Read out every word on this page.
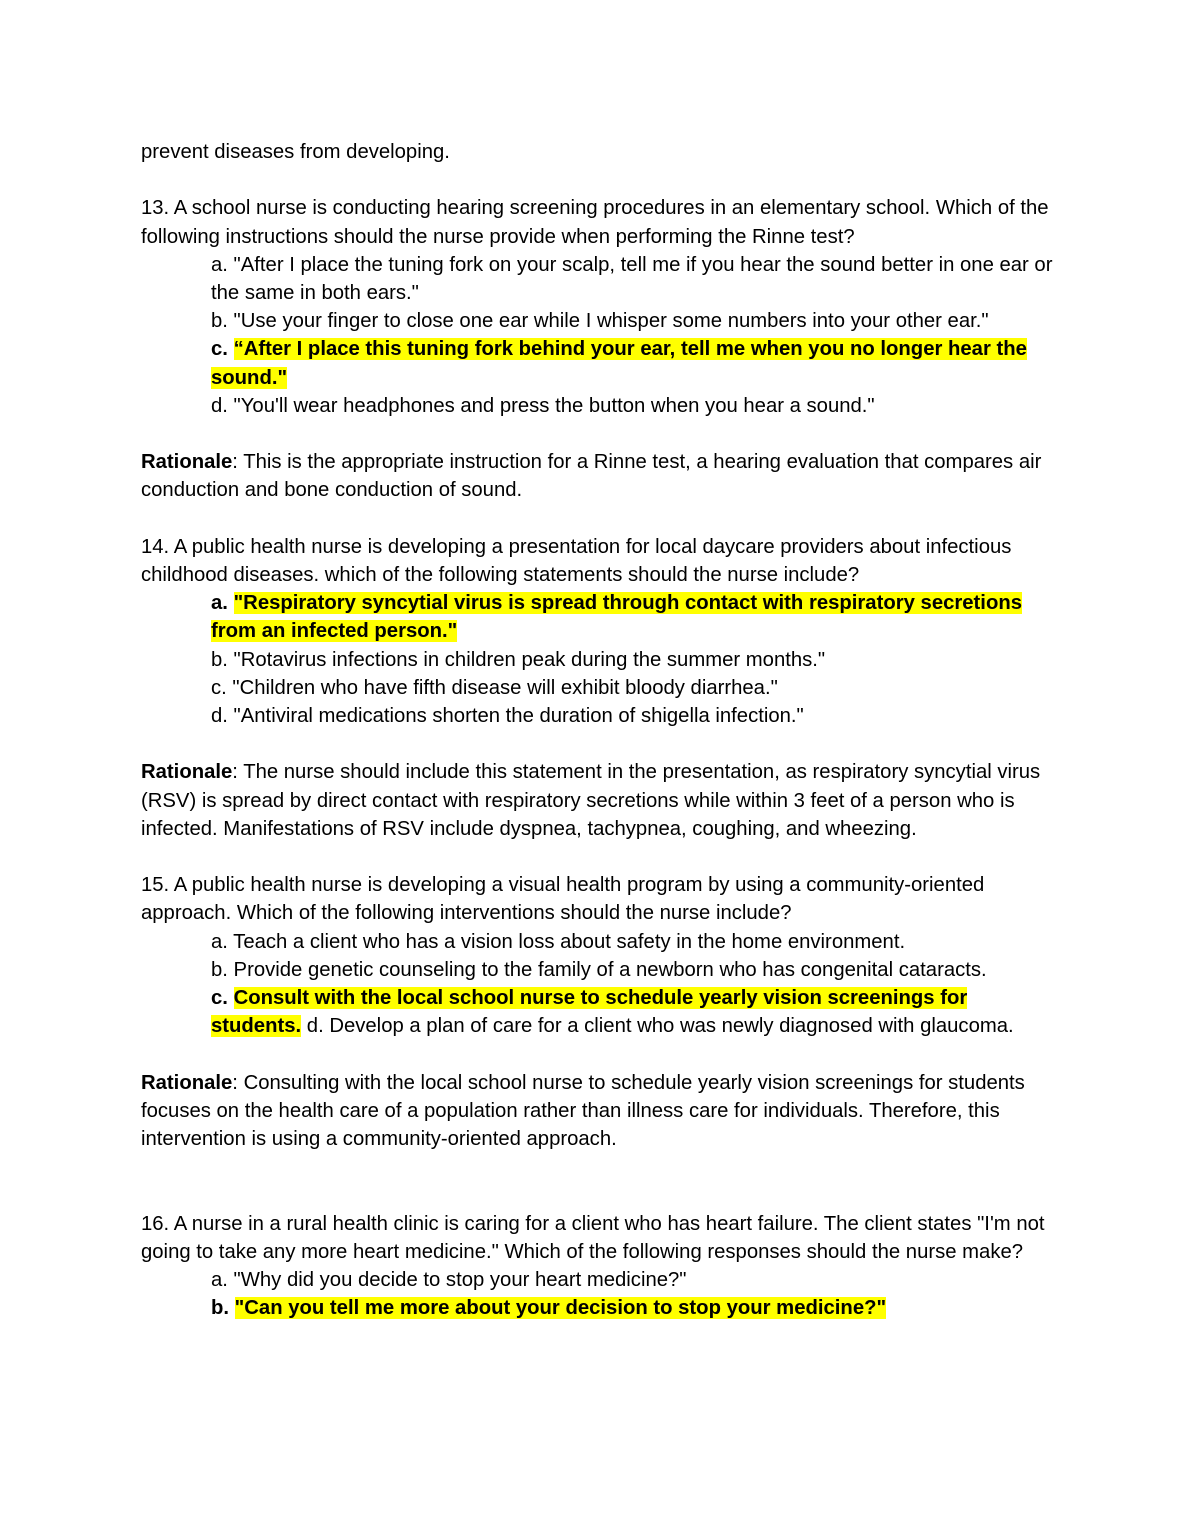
prevent diseases from developing.

13. A school nurse is conducting hearing screening procedures in an elementary school. Which of the following instructions should the nurse provide when performing the Rinne test?

a. "After I place the tuning fork on your scalp, tell me if you hear the sound better in one ear or the same in both ears."

b. "Use your finger to close one ear while I whisper some numbers into your other ear."

c. “After I place this tuning fork behind your ear, tell me when you no longer hear the sound."

d. "You'll wear headphones and press the button when you hear a sound."

Rationale: This is the appropriate instruction for a Rinne test, a hearing evaluation that compares air conduction and bone conduction of sound.

14. A public health nurse is developing a presentation for local daycare providers about infectious childhood diseases. which of the following statements should the nurse include?

a. "Respiratory syncytial virus is spread through contact with respiratory secretions from an infected person."

b. "Rotavirus infections in children peak during the summer months."

c. "Children who have fifth disease will exhibit bloody diarrhea."

d. "Antiviral medications shorten the duration of shigella infection."

Rationale: The nurse should include this statement in the presentation, as respiratory syncytial virus (RSV) is spread by direct contact with respiratory secretions while within 3 feet of a person who is infected. Manifestations of RSV include dyspnea, tachypnea, coughing, and wheezing.

15. A public health nurse is developing a visual health program by using a community-oriented approach. Which of the following interventions should the nurse include?

a. Teach a client who has a vision loss about safety in the home environment.

b. Provide genetic counseling to the family of a newborn who has congenital cataracts.

c. Consult with the local school nurse to schedule yearly vision screenings for students. d. Develop a plan of care for a client who was newly diagnosed with glaucoma.

Rationale: Consulting with the local school nurse to schedule yearly vision screenings for students focuses on the health care of a population rather than illness care for individuals. Therefore, this intervention is using a community-oriented approach.

16. A nurse in a rural health clinic is caring for a client who has heart failure. The client states "I'm not going to take any more heart medicine." Which of the following responses should the nurse make?

a. "Why did you decide to stop your heart medicine?"

b. "Can you tell me more about your decision to stop your medicine?"
